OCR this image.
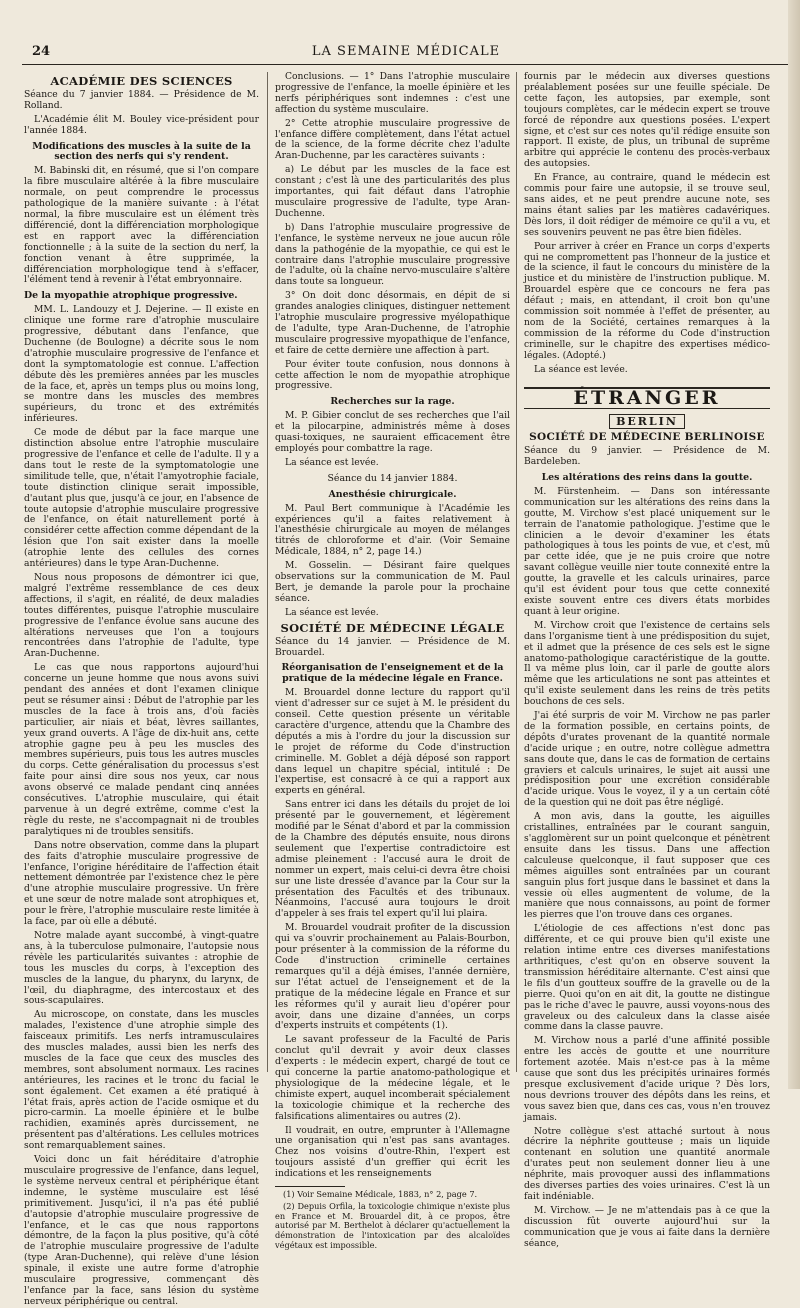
24	LA SEMAINE MÉDICALE
ACADÉMIE DES SCIENCES

Séance du 7 janvier 1884. — Présidence de M. Rolland.

L'Académie élit M. Bouley vice-président pour l'année 1884.

Modifications des muscles à la suite de la section des nerfs qui s'y rendent.

M. Babinski dit, en résumé, que si l'on compare la fibre musculaire altérée à la fibre musculaire normale, on peut comprendre le processus pathologique de la manière suivante : à l'état normal, la fibre musculaire est un élément très différencié, dont la différenciation morphologique est en rapport avec la différenciation fonctionnelle ; à la suite de la section du nerf, la fonction venant à être supprimée, la différenciation morphologique tend à s'effacer, l'élément tend à revenir à l'état embryonnaire.

De la myopathie atrophique progressive.

MM. L. Landouzy et J. Dejerine. — Il existe en clinique une forme rare d'atrophie musculaire progressive, débutant dans l'enfance, que Duchenne (de Boulogne) a décrite sous le nom d'atrophie musculaire progressive de l'enfance et dont la symptomatologie est connue. L'affection débute dès les premières années par les muscles de la face, et, après un temps plus ou moins long, se montre dans les muscles des membres supérieurs, du tronc et des extrémités inférieures.

Ce mode de début par la face marque une distinction absolue entre l'atrophie musculaire progressive de l'enfance et celle de l'adulte. Il y a dans tout le reste de la symptomatologie une similitude telle, que, n'était l'amyotrophie faciale, toute distinction clinique serait impossible, d'autant plus que, jusqu'à ce jour, en l'absence de toute autopsie d'atrophie musculaire progressive de l'enfance, on était naturellement porté à considérer cette affection comme dépendant de la lésion que l'on sait exister dans la moelle (atrophie lente des cellules des cornes antérieures) dans le type Aran-Duchenne.

Nous nous proposons de démontrer ici que, malgré l'extrême ressemblance de ces deux affections, il s'agit, en réalité, de deux maladies toutes différentes, puisque l'atrophie musculaire progressive de l'enfance évolue sans aucune des altérations nerveuses que l'on a toujours rencontrées dans l'atrophie de l'adulte, type Aran-Duchenne.

Le cas que nous rapportons aujourd'hui concerne un jeune homme que nous avons suivi pendant des années et dont l'examen clinique peut se résumer ainsi : Début de l'atrophie par les muscles de la face à trois ans, d'où faciès particulier, air niais et béat, lèvres saillantes, yeux grand ouverts. A l'âge de dix-huit ans, cette atrophie gagne peu à peu les muscles des membres supérieurs, puis tous les autres muscles du corps. Cette généralisation du processus s'est faite pour ainsi dire sous nos yeux, car nous avons observé ce malade pendant cinq années consécutives. L'atrophie musculaire, qui était parvenue à un degré extrême, comme c'est la règle du reste, ne s'accompagnait ni de troubles paralytiques ni de troubles sensitifs.

Dans notre observation, comme dans la plupart des faits d'atrophie musculaire progressive de l'enfance, l'origine héréditaire de l'affection était nettement démontrée par l'existence chez le père d'une atrophie musculaire progressive. Un frère et une sœur de notre malade sont atrophiques et, pour le frère, l'atrophie musculaire reste limitée à la face, par où elle a débuté.

Notre malade ayant succombé, à vingt-quatre ans, à la tuberculose pulmonaire, l'autopsie nous révèle les particularités suivantes : atrophie de tous les muscles du corps, à l'exception des muscles de la langue, du pharynx, du larynx, de l'œil, du diaphragme, des intercostaux et des sous-scapulaires.

Au microscope, on constate, dans les muscles malades, l'existence d'une atrophie simple des faisceaux primitifs. Les nerfs intramusculaires des muscles malades, aussi bien les nerfs des muscles de la face que ceux des muscles des membres, sont absolument normaux. Les racines antérieures, les racines et le tronc du facial le sont également. Cet examen a été pratiqué à l'état frais, après action de l'acide osmique et du picro-carmin. La moelle épinière et le bulbe rachidien, examinés après durcissement, ne présentent pas d'altérations. Les cellules motrices sont remarquablement saines.

Voici donc un fait héréditaire d'atrophie musculaire progressive de l'enfance, dans lequel, le système nerveux central et périphérique étant indemne, le système musculaire est lésé primitivement. Jusqu'ici, il n'a pas été publié d'autopsie d'atrophie musculaire progressive de l'enfance, et le cas que nous rapportons démontre, de la façon la plus positive, qu'à côté de l'atrophie musculaire progressive de l'adulte (type Aran-Duchenne), qui relève d'une lésion spinale, il existe une autre forme d'atrophie musculaire progressive, commençant dès l'enfance par la face, sans lésion du système nerveux périphérique ou central.

Conclusions. — 1° Dans l'atrophie musculaire progressive de l'enfance, la moelle épinière et les nerfs périphériques sont indemnes : c'est une affection du système musculaire.

2° Cette atrophie musculaire progressive de l'enfance diffère complètement, dans l'état actuel de la science, de la forme décrite chez l'adulte Aran-Duchenne, par les caractères suivants :

a) Le début par les muscles de la face est constant ; c'est là une des particularités des plus importantes, qui fait défaut dans l'atrophie musculaire progressive de l'adulte, type Aran-Duchenne.

b) Dans l'atrophie musculaire progressive de l'enfance, le système nerveux ne joue aucun rôle dans la pathogénie de la myopathie, ce qui est le contraire dans l'atrophie musculaire progressive de l'adulte, où la chaîne nervo-musculaire s'altère dans toute sa longueur.

3° On doit donc désormais, en dépit de si grandes analogies cliniques, distinguer nettement l'atrophie musculaire progressive myélopathique de l'adulte, type Aran-Duchenne, de l'atrophie musculaire progressive myopathique de l'enfance, et faire de cette dernière une affection à part.

Pour éviter toute confusion, nous donnons à cette affection le nom de myopathie atrophique progressive.

Recherches sur la rage.

M. P. Gibier conclut de ses recherches que l'ail et la pilocarpine, administrés même à doses quasi-toxiques, ne sauraient efficacement être employés pour combattre la rage.

La séance est levée.

Séance du 14 janvier 1884.
Anesthésie chirurgicale.

M. Paul Bert communique à l'Académie les expériences qu'il a faites relativement à l'anesthésie chirurgicale au moyen de mélanges titrés de chloroforme et d'air. (Voir Semaine Médicale, 1884, n° 2, page 14.)

M. Gosselin. — Désirant faire quelques observations sur la communication de M. Paul Bert, je demande la parole pour la prochaine séance.

La séance est levée.

SOCIÉTÉ DE MÉDECINE LÉGALE

Séance du 14 janvier. — Présidence de M. Brouardel.

Réorganisation de l'enseignement et de la pratique de la médecine légale en France.

M. Brouardel donne lecture du rapport qu'il vient d'adresser sur ce sujet à M. le président du conseil. Cette question présente un véritable caractère d'urgence, attendu que la Chambre des députés a mis à l'ordre du jour la discussion sur le projet de réforme du Code d'instruction criminelle. M. Goblet a déjà déposé son rapport dans lequel un chapitre spécial, intitulé : De l'expertise, est consacré à ce qui a rapport aux experts en général.

Sans entrer ici dans les détails du projet de loi présenté par le gouvernement, et légèrement modifié par le Sénat d'abord et par la commission de la Chambre des députés ensuite, nous dirons seulement que l'expertise contradictoire est admise pleinement : l'accusé aura le droit de nommer un expert, mais celui-ci devra être choisi sur une liste dressée d'avance par la Cour sur la présentation des Facultés et des tribunaux. Néanmoins, l'accusé aura toujours le droit d'appeler à ses frais tel expert qu'il lui plaira.

M. Brouardel voudrait profiter de la discussion qui va s'ouvrir prochainement au Palais-Bourbon, pour présenter à la commission de la réforme du Code d'instruction criminelle certaines remarques qu'il a déjà émises, l'année dernière, sur l'état actuel de l'enseignement et de la pratique de la médecine légale en France et sur les réformes qu'il y aurait lieu d'opérer pour avoir, dans une dizaine d'années, un corps d'experts instruits et compétents (1).

Le savant professeur de la Faculté de Paris conclut qu'il devrait y avoir deux classes d'experts : le médecin expert, chargé de tout ce qui concerne la partie anatomo-pathologique et physiologique de la médecine légale, et le chimiste expert, auquel incomberait spécialement la toxicologie chimique et la recherche des falsifications alimentaires ou autres (2).

Il voudrait, en outre, emprunter à l'Allemagne une organisation qui n'est pas sans avantages. Chez nos voisins d'outre-Rhin, l'expert est toujours assisté d'un greffier qui écrit les indications et les renseignements

(1) Voir Semaine Médicale, 1883, n° 2, page 7.

(2) Depuis Orfila, la toxicologie chimique n'existe plus en France et M. Brouardel dit, à ce propos, être autorisé par M. Berthelot à déclarer qu'actuellement la démonstration de l'intoxication par des alcaloïdes végétaux est impossible.

fournis par le médecin aux diverses questions préalablement posées sur une feuille spéciale. De cette façon, les autopsies, par exemple, sont toujours complètes, car le médecin expert se trouve forcé de répondre aux questions posées. L'expert signe, et c'est sur ces notes qu'il rédige ensuite son rapport. Il existe, de plus, un tribunal de suprême arbitre qui apprécie le contenu des procès-verbaux des autopsies.

En France, au contraire, quand le médecin est commis pour faire une autopsie, il se trouve seul, sans aides, et ne peut prendre aucune note, ses mains étant salies par les matières cadavériques. Dès lors, il doit rédiger de mémoire ce qu'il a vu, et ses souvenirs peuvent ne pas être bien fidèles.

Pour arriver à créer en France un corps d'experts qui ne compromettent pas l'honneur de la justice et de la science, il faut le concours du ministère de la justice et du ministère de l'instruction publique. M. Brouardel espère que ce concours ne fera pas défaut ; mais, en attendant, il croit bon qu'une commission soit nommée à l'effet de présenter, au nom de la Société, certaines remarques à la commission de la réforme du Code d'instruction criminelle, sur le chapitre des expertises médico-légales. (Adopté.)

La séance est levée.

ÉTRANGER
BERLIN
SOCIÉTÉ DE MÉDECINE BERLINOISE

Séance du 9 janvier. — Présidence de M. Bardeleben.

Les altérations des reins dans la goutte.

M. Fürstenheim. — Dans son intéressante communication sur les altérations des reins dans la goutte, M. Virchow s'est placé uniquement sur le terrain de l'anatomie pathologique. J'estime que le clinicien a le devoir d'examiner les états pathologiques à tous les points de vue, et c'est, mû par cette idée, que je ne puis croire que notre savant collègue veuille nier toute connexité entre la goutte, la gravelle et les calculs urinaires, parce qu'il est évident pour tous que cette connexité existe souvent entre ces divers états morbides quant à leur origine.

M. Virchow croit que l'existence de certains sels dans l'organisme tient à une prédisposition du sujet, et il admet que la présence de ces sels est le signe anatomo-pathologique caractéristique de la goutte. Il va même plus loin, car il parle de goutte alors même que les articulations ne sont pas atteintes et qu'il existe seulement dans les reins de très petits bouchons de ces sels.

J'ai été surpris de voir M. Virchow ne pas parler de la formation possible, en certains points, de dépôts d'urates provenant de la quantité normale d'acide urique ; en outre, notre collègue admettra sans doute que, dans le cas de formation de certains graviers et calculs urinaires, le sujet ait aussi une prédisposition pour une excrétion considérable d'acide urique. Vous le voyez, il y a un certain côté de la question qui ne doit pas être négligé.

A mon avis, dans la goutte, les aiguilles cristallines, entraînées par le courant sanguin, s'agglomèrent sur un point quelconque et pénètrent ensuite dans les tissus. Dans une affection calculeuse quelconque, il faut supposer que ces mêmes aiguilles sont entraînées par un courant sanguin plus fort jusque dans le bassinet et dans la vessie où elles augmentent de volume, de la manière que nous connaissons, au point de former les pierres que l'on trouve dans ces organes.

L'étiologie de ces affections n'est donc pas différente, et ce qui prouve bien qu'il existe une relation intime entre ces diverses manifestations arthritiques, c'est qu'on en observe souvent la transmission héréditaire alternante. C'est ainsi que le fils d'un goutteux souffre de la gravelle ou de la pierre. Quoi qu'on en ait dit, la goutte ne distingue pas le riche d'avec le pauvre, aussi voyons-nous des graveleux ou des calculeux dans la classe aisée comme dans la classe pauvre.

M. Virchow nous a parlé d'une affinité possible entre les accès de goutte et une nourriture fortement azotée. Mais n'est-ce pas à la même cause que sont dus les précipités urinaires formés presque exclusivement d'acide urique ? Dès lors, nous devrions trouver des dépôts dans les reins, et vous savez bien que, dans ces cas, vous n'en trouvez jamais.

Notre collègue s'est attaché surtout à nous décrire la néphrite goutteuse ; mais un liquide contenant en solution une quantité anormale d'urates peut non seulement donner lieu à une néphrite, mais provoquer aussi des inflammations des diverses parties des voies urinaires. C'est là un fait indéniable.

M. Virchow. — Je ne m'attendais pas à ce que la discussion fût ouverte aujourd'hui sur la communication que je vous ai faite dans la dernière séance,
